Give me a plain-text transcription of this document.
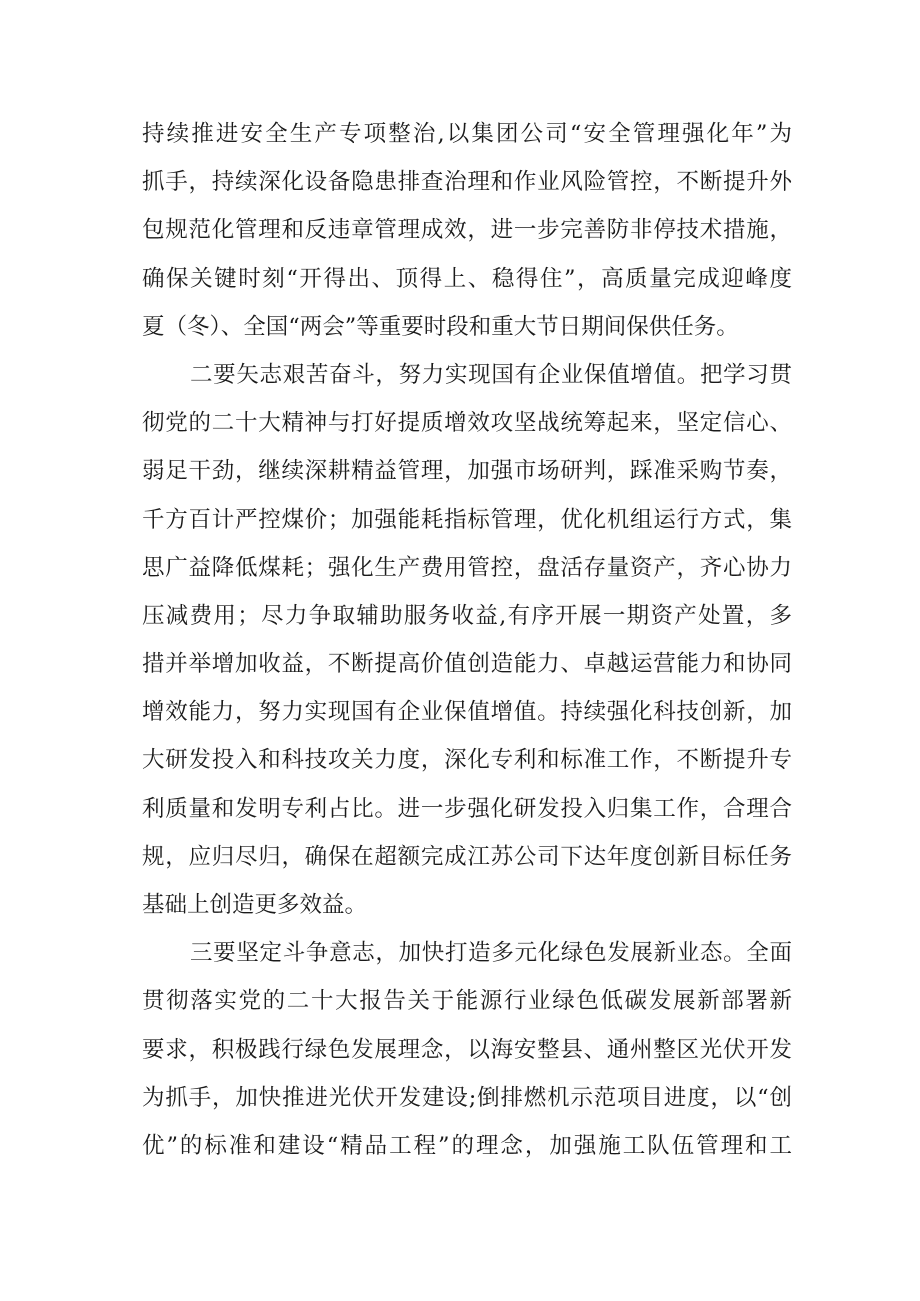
持续推进安全生产专项整治,以集团公司“安全管理强化年”为
抓手，持续深化设备隐患排查治理和作业风险管控，不断提升外
包规范化管理和反违章管理成效，进一步完善防非停技术措施，
确保关键时刻“开得出、顶得上、稳得住”，高质量完成迎峰度
夏（冬）、全国“两会”等重要时段和重大节日期间保供任务。
二要矢志艰苦奋斗，努力实现国有企业保值增值。把学习贯
彻党的二十大精神与打好提质增效攻坚战统筹起来，坚定信心、
弱足干劲，继续深耕精益管理，加强市场研判，踩准采购节奏，
千方百计严控煤价；加强能耗指标管理，优化机组运行方式，集
思广益降低煤耗；强化生产费用管控，盘活存量资产，齐心协力
压减费用；尽力争取辅助服务收益,有序开展一期资产处置，多
措并举增加收益，不断提高价值创造能力、卓越运营能力和协同
增效能力，努力实现国有企业保值增值。持续强化科技创新，加
大研发投入和科技攻关力度，深化专利和标准工作，不断提升专
利质量和发明专利占比。进一步强化研发投入归集工作，合理合
规，应归尽归，确保在超额完成江苏公司下达年度创新目标任务
基础上创造更多效益。
三要坚定斗争意志，加快打造多元化绿色发展新业态。全面
贯彻落实党的二十大报告关于能源行业绿色低碳发展新部署新
要求，积极践行绿色发展理念，以海安整县、通州整区光伏开发
为抓手，加快推进光伏开发建设;倒排燃机示范项目进度，以“创
优”的标准和建设“精品工程”的理念，加强施工队伍管理和工
